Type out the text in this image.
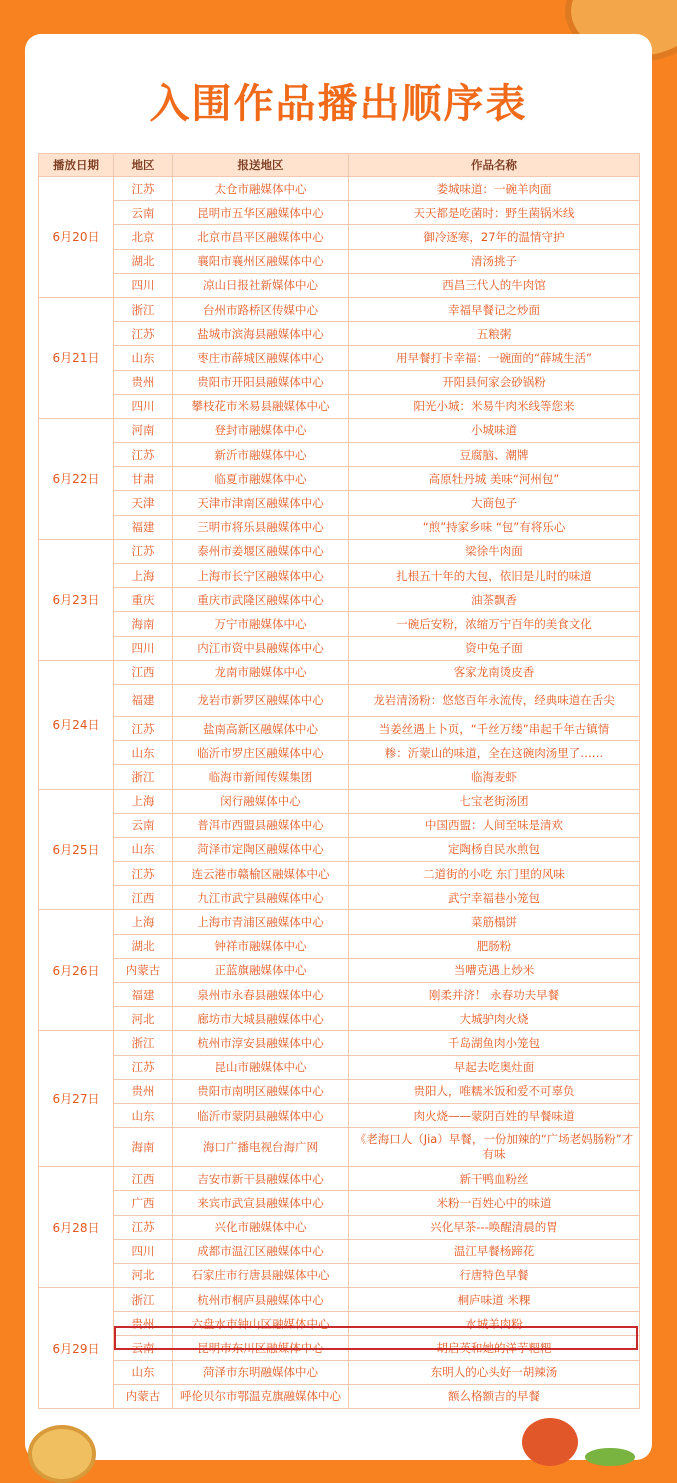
入围作品播出顺序表
播放日期	地区	报送地区	作品名称
6月20日	江苏	太仓市融媒体中心	娄城味道：一碗羊肉面
	云南	昆明市五华区融媒体中心	天天都是吃菌时：野生菌锅米线
	北京	北京市昌平区融媒体中心	御冷逐寒，27年的温情守护
	湖北	襄阳市襄州区融媒体中心	清汤挑子
	四川	凉山日报社新媒体中心	西昌三代人的牛肉馆
6月21日	浙江	台州市路桥区传媒中心	幸福早餐记之炒面
	江苏	盐城市滨海县融媒体中心	五粮粥
	山东	枣庄市薛城区融媒体中心	用早餐打卡幸福：一碗面的“薛城生活”
	贵州	贵阳市开阳县融媒体中心	开阳县何家会砂锅粉
	四川	攀枝花市米易县融媒体中心	阳光小城：米易牛肉米线等您来
6月22日	河南	登封市融媒体中心	小城味道
	江苏	新沂市融媒体中心	豆腐脑、潮牌
	甘肃	临夏市融媒体中心	高原牡丹城 美味“河州包”
	天津	天津市津南区融媒体中心	大商包子
	福建	三明市将乐县融媒体中心	“煎”持家乡味 “包”有将乐心
6月23日	江苏	泰州市姜堰区融媒体中心	梁徐牛肉面
	上海	上海市长宁区融媒体中心	扎根五十年的大包，依旧是儿时的味道
	重庆	重庆市武隆区融媒体中心	油茶飘香
	海南	万宁市融媒体中心	一碗后安粉，浓缩万宁百年的美食文化
	四川	内江市资中县融媒体中心	资中兔子面
6月24日	江西	龙南市融媒体中心	客家龙南烫皮香
	福建	龙岩市新罗区融媒体中心	龙岩清汤粉：悠悠百年永流传，经典味道在舌尖
	江苏	盐南高新区融媒体中心	当姜丝遇上卜页，“千丝万缕”串起千年古镇情
	山东	临沂市罗庄区融媒体中心	糁：沂蒙山的味道，全在这碗肉汤里了……
	浙江	临海市新闻传媒集团	临海麦虾
6月25日	上海	闵行融媒体中心	七宝老街汤团
	云南	普洱市西盟县融媒体中心	中国西盟：人间至味是清欢
	山东	菏泽市定陶区融媒体中心	定陶杨自民水煎包
	江苏	连云港市赣榆区融媒体中心	二道街的小吃 东门里的风味
	江西	九江市武宁县融媒体中心	武宁幸福巷小笼包
6月26日	上海	上海市青浦区融媒体中心	菜筋榻饼
	湖北	钟祥市融媒体中心	肥肠粉
	内蒙古	正蓝旗融媒体中心	当嘈克遇上炒米
	福建	泉州市永春县融媒体中心	刚柔并济！ 永春功夫早餐
	河北	廊坊市大城县融媒体中心	大城驴肉火烧
6月27日	浙江	杭州市淳安县融媒体中心	千岛湖鱼肉小笼包
	江苏	昆山市融媒体中心	早起去吃奥灶面
	贵州	贵阳市南明区融媒体中心	贵阳人，唯糯米饭和爱不可辜负
	山东	临沂市蒙阴县融媒体中心	肉火烧——蒙阴百姓的早餐味道
	海南	海口广播电视台海广网	《老海口人（Jia）早餐，一份加辣的“广场老妈肠粉”才有味
6月28日	江西	吉安市新干县融媒体中心	新干鸭血粉丝
	广西	来宾市武宣县融媒体中心	米粉一百姓心中的味道
	江苏	兴化市融媒体中心	兴化早茶---唤醒清晨的胃
	四川	成都市温江区融媒体中心	温江早餐杨蹄花
	河北	石家庄市行唐县融媒体中心	行唐特色早餐
6月29日	浙江	杭州市桐庐县融媒体中心	桐庐味道 米粿
	贵州	六盘水市钟山区融媒体中心	水城羊肉粉
	云南	昆明市东川区融媒体中心	胡启英和她的洋芋粑粑
	山东	菏泽市东明融媒体中心	东明人的心头好一胡辣汤
	内蒙古	呼伦贝尔市鄂温克旗融媒体中心	额么格额吉的早餐
